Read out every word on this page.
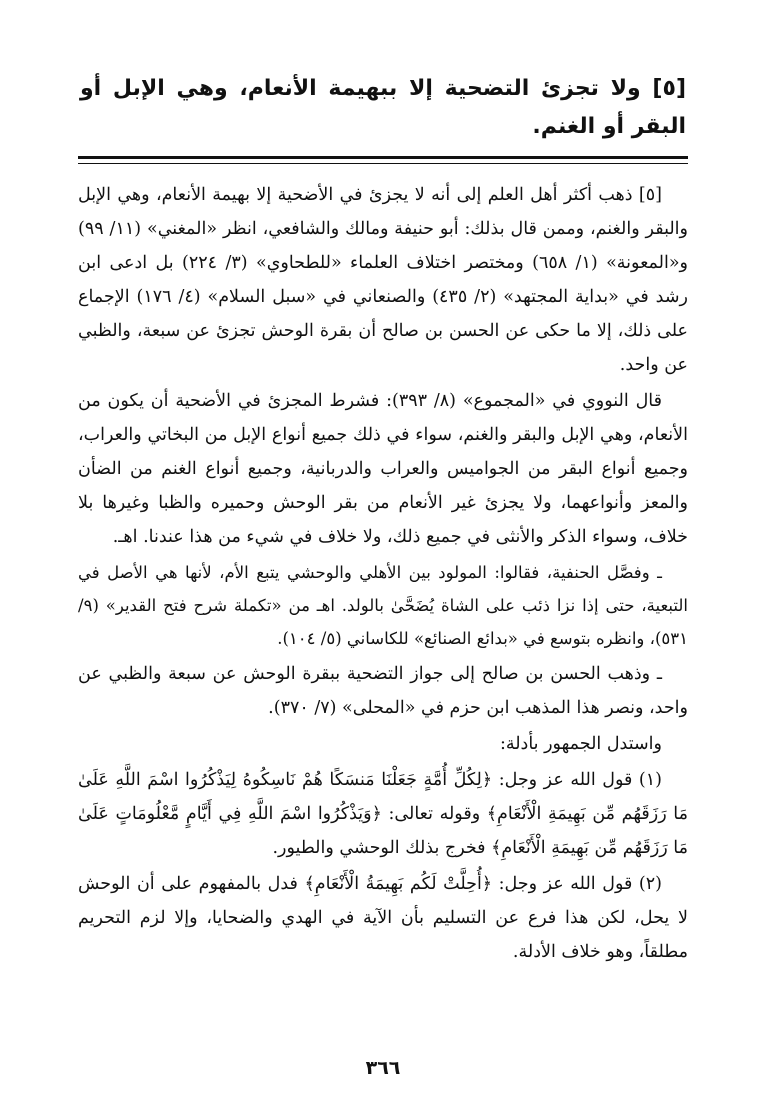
[٥] ولا تجزئ التضحية إلا ببهيمة الأنعام، وهي الإبل أو البقر أو الغنم.

[٥] ذهب أكثر أهل العلم إلى أنه لا يجزئ في الأضحية إلا بهيمة الأنعام، وهي الإبل والبقر والغنم، وممن قال بذلك: أبو حنيفة ومالك والشافعي، انظر «المغني» (١١/ ٩٩) و«المعونة» (١/ ٦٥٨) ومختصر اختلاف العلماء «للطحاوي» (٣/ ٢٢٤) بل ادعى ابن رشد في «بداية المجتهد» (٢/ ٤٣٥) والصنعاني في «سبل السلام» (٤/ ١٧٦) الإجماع على ذلك، إلا ما حكى عن الحسن بن صالح أن بقرة الوحش تجزئ عن سبعة، والظبي عن واحد.

قال النووي في «المجموع» (٨/ ٣٩٣): فشرط المجزئ في الأضحية أن يكون من الأنعام، وهي الإبل والبقر والغنم، سواء في ذلك جميع أنواع الإبل من البخاتي والعراب، وجميع أنواع البقر من الجواميس والعراب والدربانية، وجميع أنواع الغنم من الضأن والمعز وأنواعهما، ولا يجزئ غير الأنعام من بقر الوحش وحميره والظبا وغيرها بلا خلاف، وسواء الذكر والأنثى في جميع ذلك، ولا خلاف في شيء من هذا عندنا. اهـ.

ـ وفصَّل الحنفية، فقالوا: المولود بين الأهلي والوحشي يتبع الأم، لأنها هي الأصل في التبعية، حتى إذا نزا ذئب على الشاة يُضَحَّىٰ بالولد. اهـ من «تكملة شرح فتح القدير» (٩/ ٥٣١)، وانظره بتوسع في «بدائع الصنائع» للكاساني (٥/ ١٠٤).

ـ وذهب الحسن بن صالح إلى جواز التضحية ببقرة الوحش عن سبعة والظبي عن واحد، ونصر هذا المذهب ابن حزم في «المحلى» (٧/ ٣٧٠).

واستدل الجمهور بأدلة:

(١) قول الله عز وجل: ﴿لِكُلِّ أُمَّةٍ جَعَلْنَا مَنسَكًا هُمْ نَاسِكُوهُ لِيَذْكُرُوا اسْمَ اللَّهِ عَلَىٰ مَا رَزَقَهُم مِّن بَهِيمَةِ الْأَنْعَامِ﴾ وقوله تعالى: ﴿وَيَذْكُرُوا اسْمَ اللَّهِ فِي أَيَّامٍ مَّعْلُومَاتٍ عَلَىٰ مَا رَزَقَهُم مِّن بَهِيمَةِ الْأَنْعَامِ﴾ فخرج بذلك الوحشي والطيور.

(٢) قول الله عز وجل: ﴿أُحِلَّتْ لَكُم بَهِيمَةُ الْأَنْعَامِ﴾ فدل بالمفهوم على أن الوحش لا يحل، لكن هذا فرع عن التسليم بأن الآية في الهدي والضحايا، وإلا لزم التحريم مطلقاً، وهو خلاف الأدلة.

٣٦٦
